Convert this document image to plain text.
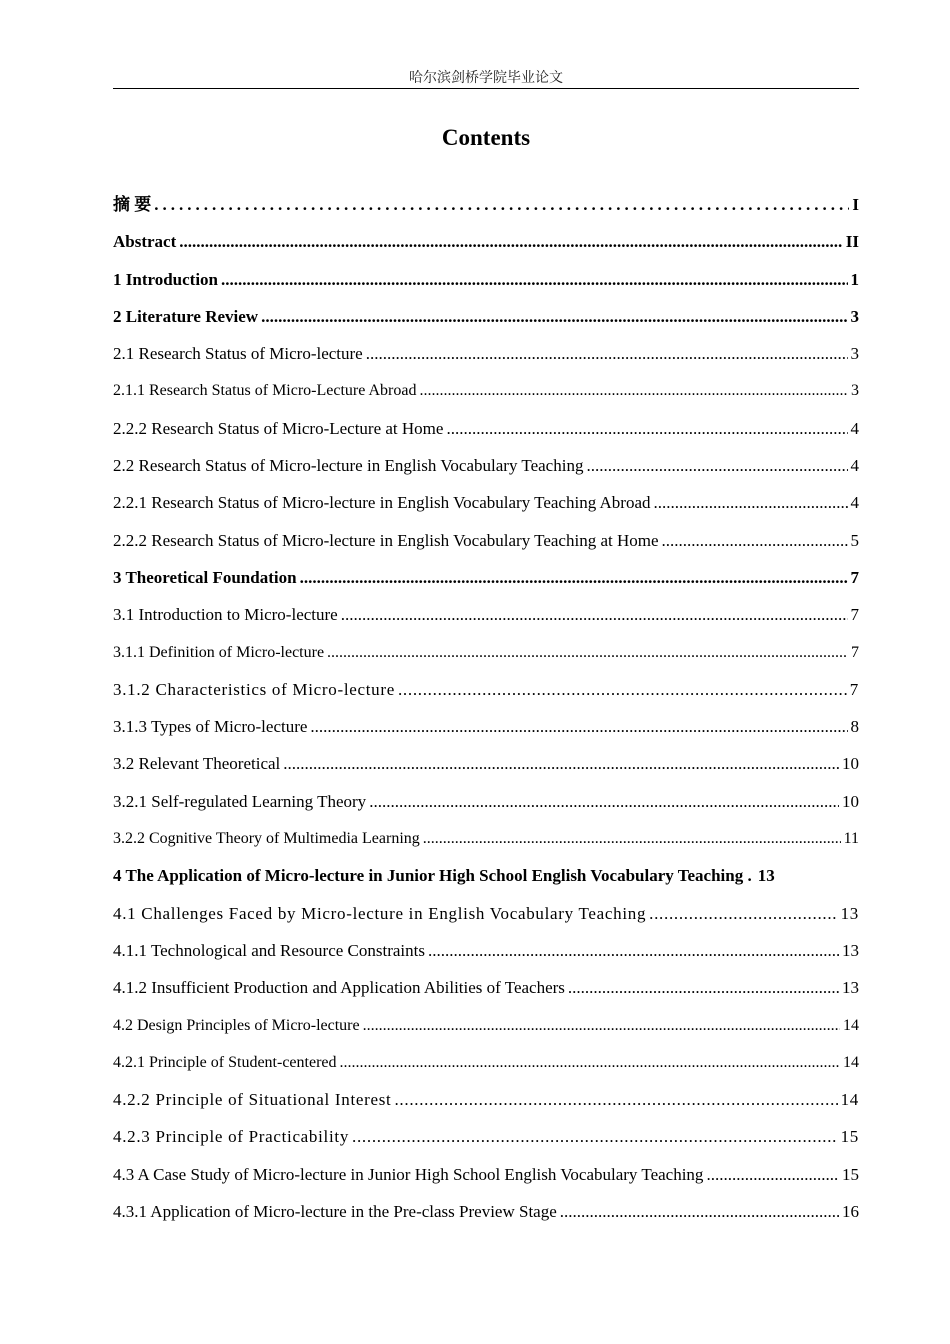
哈尔滨剑桥学院毕业论文
Contents
摘 要 .....	I
Abstract .....	II
1 Introduction .....	1
2 Literature Review .....	3
2.1 Research Status of Micro-lecture .....	3
2.1.1 Research Status of Micro-Lecture Abroad .....	3
2.2.2 Research Status of Micro-Lecture at Home .....	4
2.2 Research Status of Micro-lecture in English Vocabulary Teaching .....	4
2.2.1 Research Status of Micro-lecture in English Vocabulary Teaching Abroad .....	4
2.2.2 Research Status of Micro-lecture in English Vocabulary Teaching at Home .....	5
3 Theoretical Foundation .....	7
3.1 Introduction to Micro-lecture .....	7
3.1.1 Definition of Micro-lecture .....	7
3.1.2 Characteristics of Micro-lecture .....	7
3.1.3 Types of Micro-lecture .....	8
3.2 Relevant Theoretical .....	10
3.2.1 Self-regulated Learning Theory .....	10
3.2.2 Cognitive Theory of Multimedia Learning .....	11
4 The Application of Micro-lecture in Junior High School English Vocabulary Teaching . 13
4.1 Challenges Faced by Micro-lecture in English Vocabulary Teaching .....	13
4.1.1 Technological and Resource Constraints .....	13
4.1.2 Insufficient Production and Application Abilities of Teachers .....	13
4.2 Design Principles of Micro-lecture .....	14
4.2.1 Principle of Student-centered .....	14
4.2.2 Principle of Situational Interest .....	14
4.2.3 Principle of Practicability .....	15
4.3 A Case Study of Micro-lecture in Junior High School English Vocabulary Teaching .....	15
4.3.1 Application of Micro-lecture in the Pre-class Preview Stage .....	16
